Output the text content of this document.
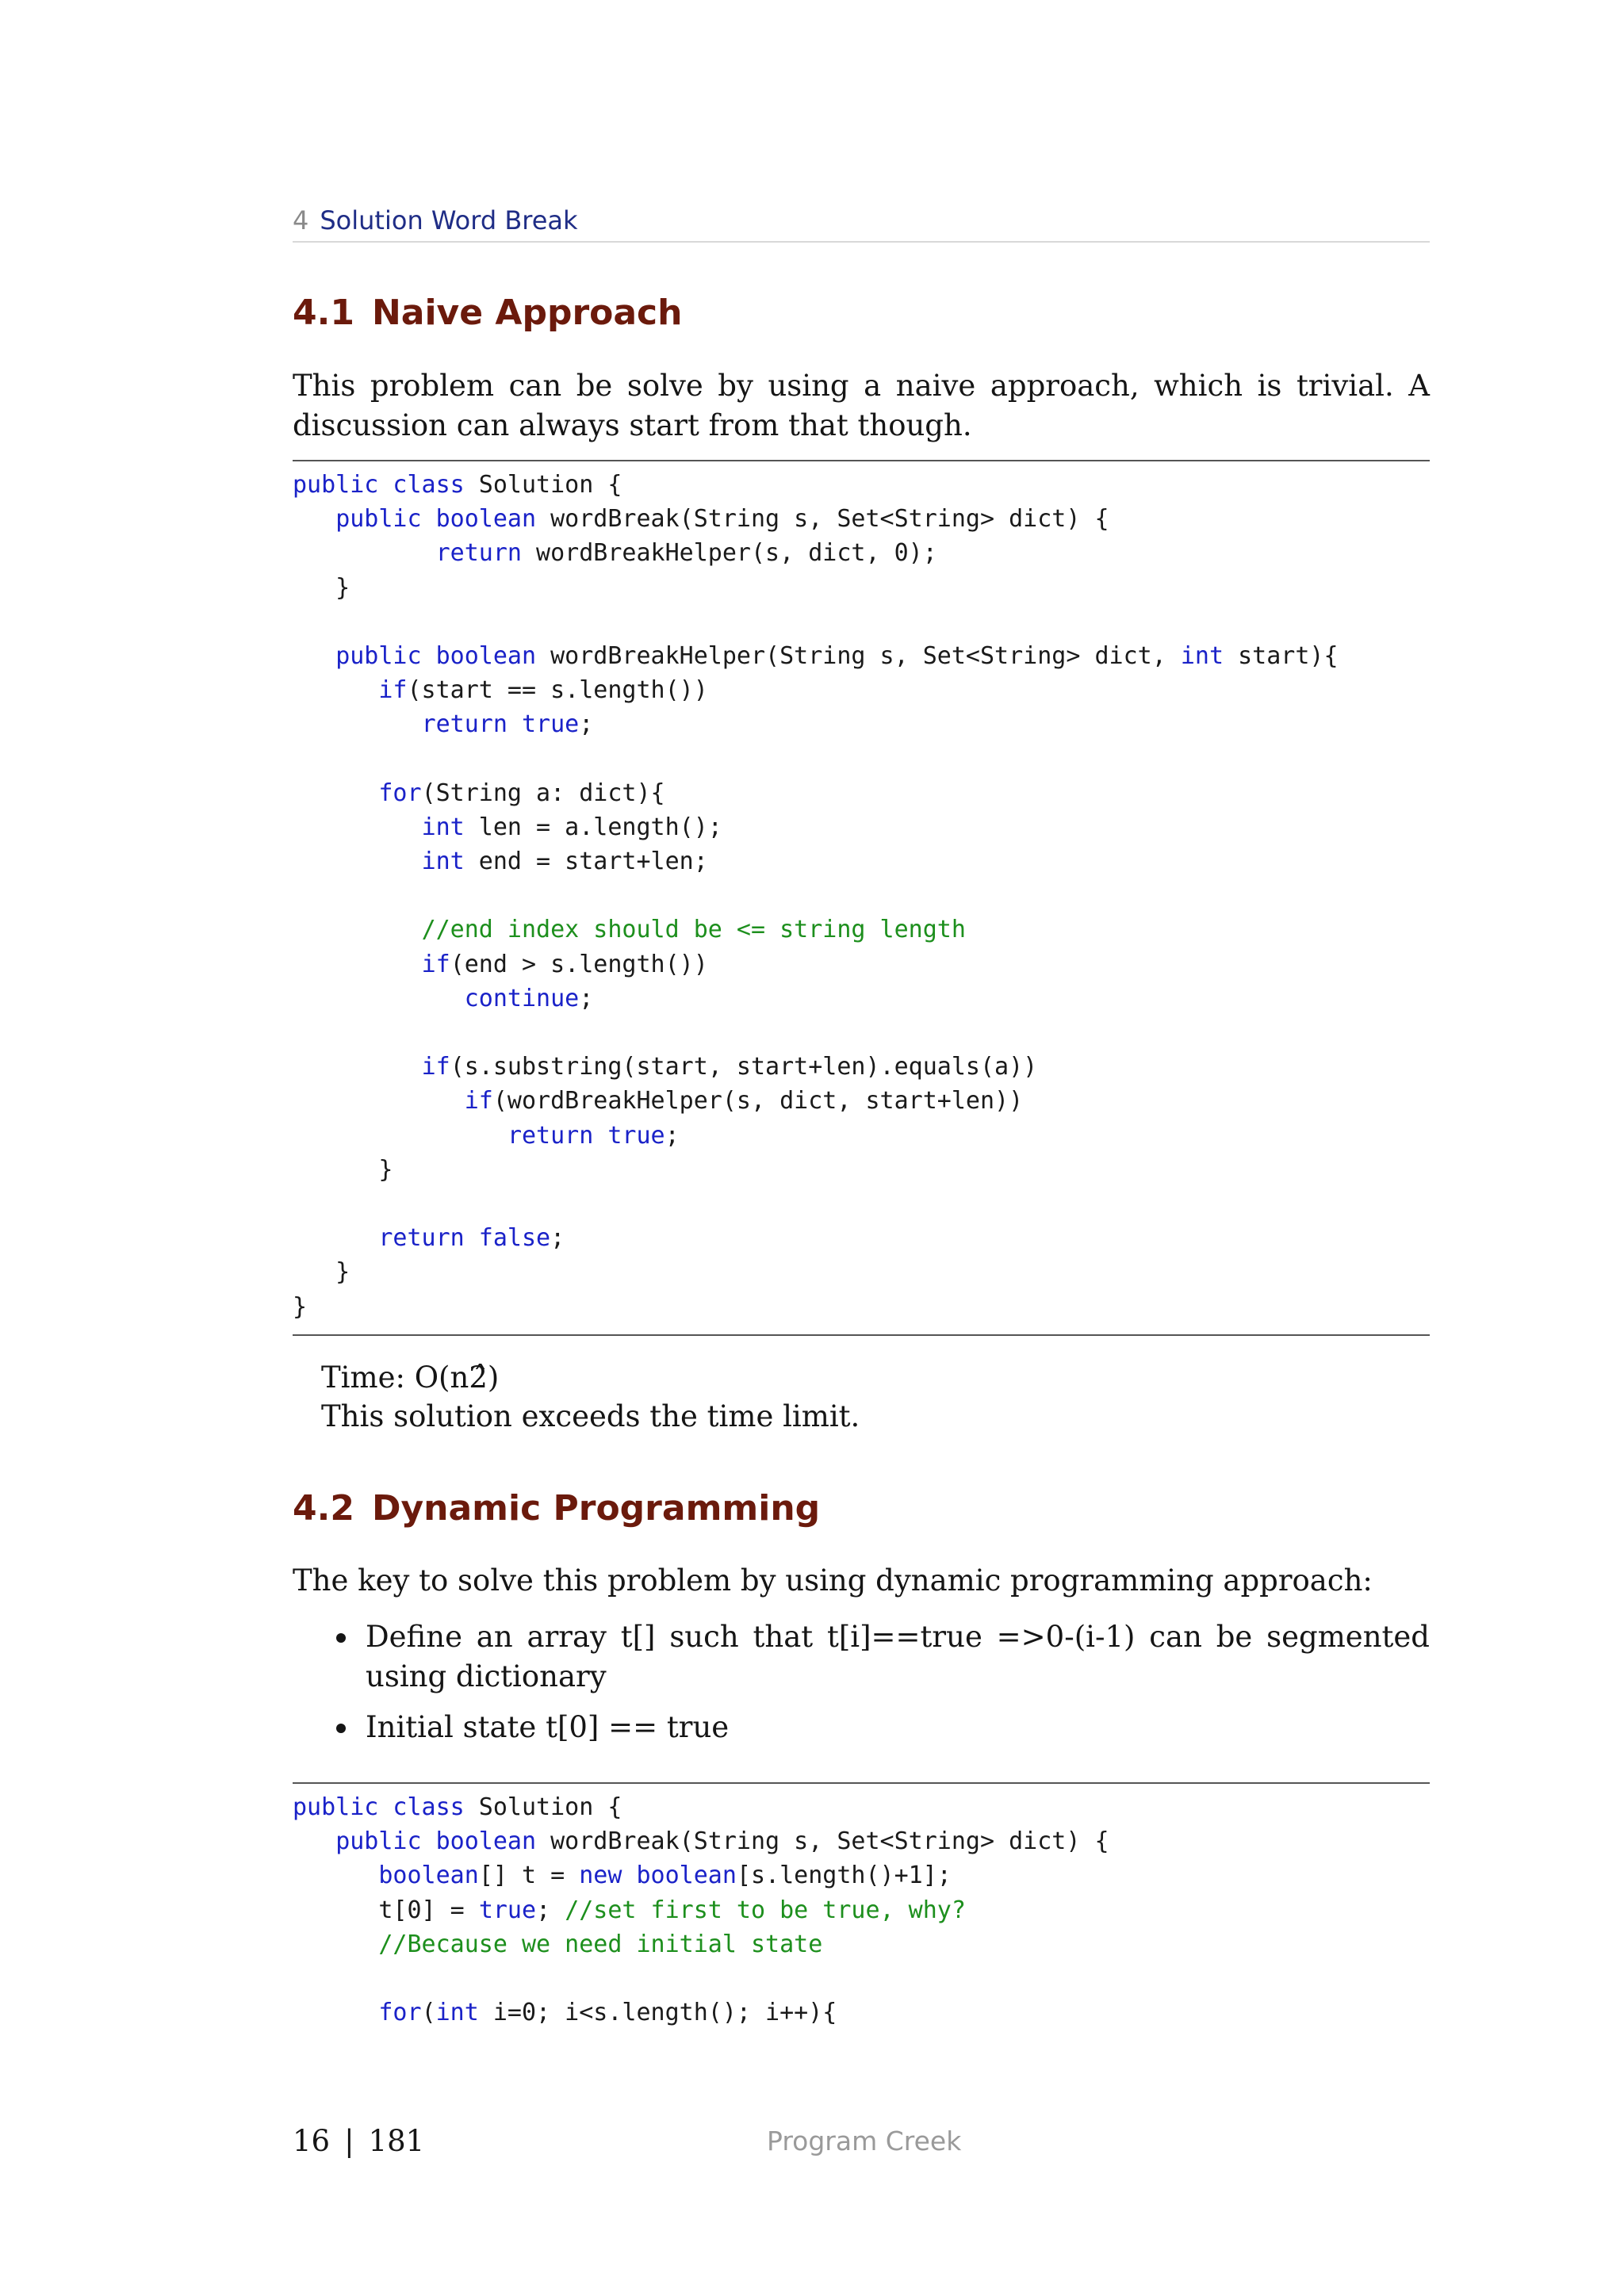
4 Solution Word Break
4.1 Naive Approach

This problem can be solve by using a naive approach, which is trivial. A discussion can always start from that though.

public class Solution {
public boolean wordBreak(String s, Set<String> dict) {
return wordBreakHelper(s, dict, 0);
}
public boolean wordBreakHelper(String s, Set<String> dict, int start){
if(start == s.length())
return true;
for(String a: dict){
int len = a.length();
int end = start+len;
//end index should be <= string length
if(end > s.length())
continue;
if(s.substring(start, start+len).equals(a))
if(wordBreakHelper(s, dict, start+len))
return true;
}
return false;
}
}
Time: O(n2̂)
This solution exceeds the time limit.
4.2 Dynamic Programming

The key to solve this problem by using dynamic programming approach:

Define an array t[] such that t[i]==true =>0-(i-1) can be segmented using dictionary
Initial state t[0] == true
public class Solution {
public boolean wordBreak(String s, Set<String> dict) {
boolean[] t = new boolean[s.length()+1];
t[0] = true; //set first to be true, why?
//Because we need initial state
for(int i=0; i<s.length(); i++){
16 | 181	Program Creek
